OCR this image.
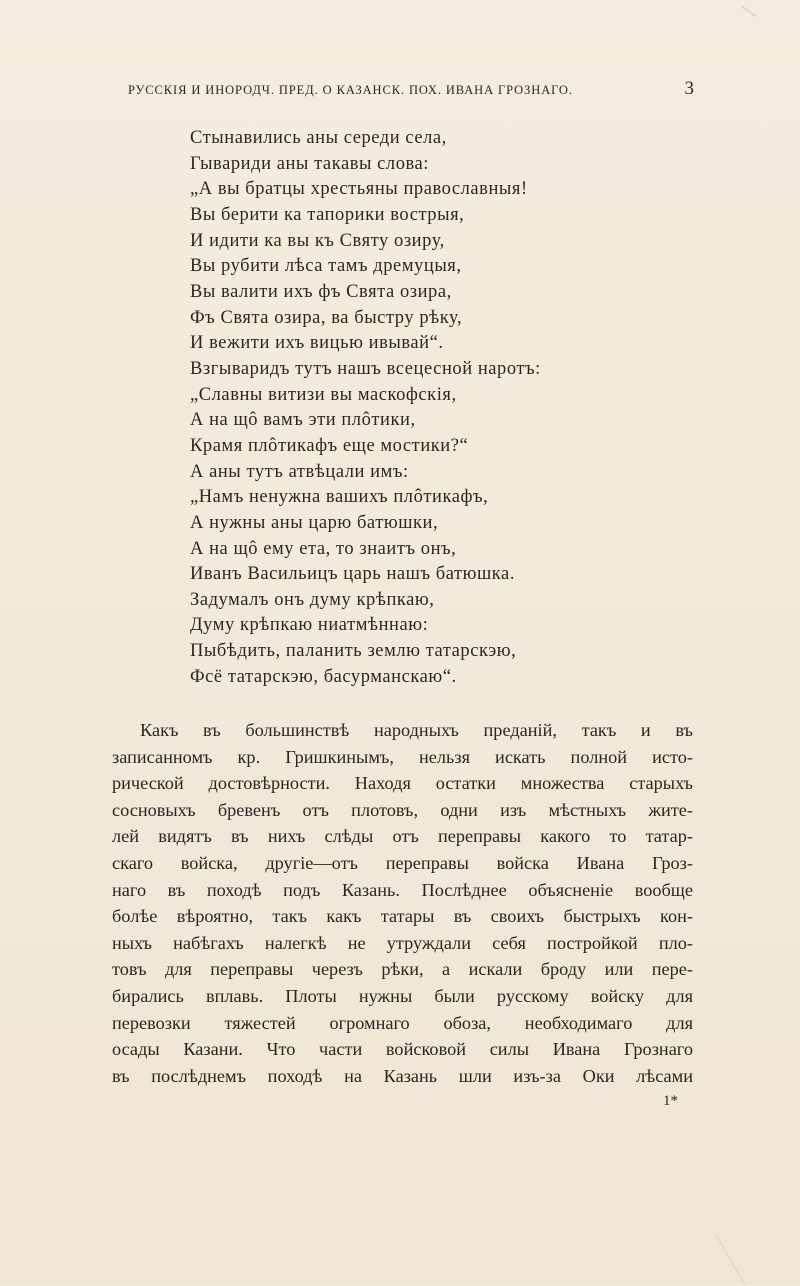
РУССКІЯ И ИНОРОДЧ. ПРЕД. О КАЗАНСК. ПОХ. ИВАНА ГРОЗНАГО.	3
Стынавились аны середи села,
Гывариди аны такавы слова:
„А вы братцы хрестьяны православныя!
Вы берити ка тапорики вострыя,
И идити ка вы къ Святу озиру,
Вы рубити лѣса тамъ дремуцыя,
Вы валити ихъ фъ Свята озира,
Фъ Свята озира, ва быстру рѣку,
И вежити ихъ вицью ивывай“.
Взгываридъ тутъ нашъ всецесной наротъ:
„Славны витизи вы маскофскія,
А на щô вамъ эти плôтики,
Крамя плôтикафъ еще мостики?“
А аны тутъ атвѣцали имъ:
„Намъ ненужна вашихъ плôтикафъ,
А нужны аны царю батюшки,
А на щô ему ета, то знаитъ онъ,
Иванъ Васильицъ царь нашъ батюшка.
Задумалъ онъ думу крѣпкаю,
Думу крѣпкаю ниатмѣннаю:
Пыбѣдить, паланить землю татарскэю,
Фсё татарскэю, басурманскаю“.
Какъ въ большинствѣ народныхъ преданій, такъ и въ
записанномъ кр. Гришкинымъ, нельзя искать полной исто-
рической достовѣрности. Находя остатки множества старыхъ
сосновыхъ бревенъ отъ плотовъ, одни изъ мѣстныхъ жите-
лей видятъ въ нихъ слѣды отъ переправы какого то татар-
скаго войска, другіе—отъ переправы войска Ивана Гроз-
наго въ походѣ подъ Казань. Послѣднее объясненіе вообще
болѣе вѣроятно, такъ какъ татары въ своихъ быстрыхъ кон-
ныхъ набѣгахъ налегкѣ не утруждали себя постройкой пло-
товъ для переправы черезъ рѣки, а искали броду или пере-
бирались вплавь. Плоты нужны были русскому войску для
перевозки тяжестей огромнаго обоза, необходимаго для
осады Казани. Что части войсковой силы Ивана Грознаго
въ послѣднемъ походѣ на Казань шли изъ-за Оки лѣсами
1*
